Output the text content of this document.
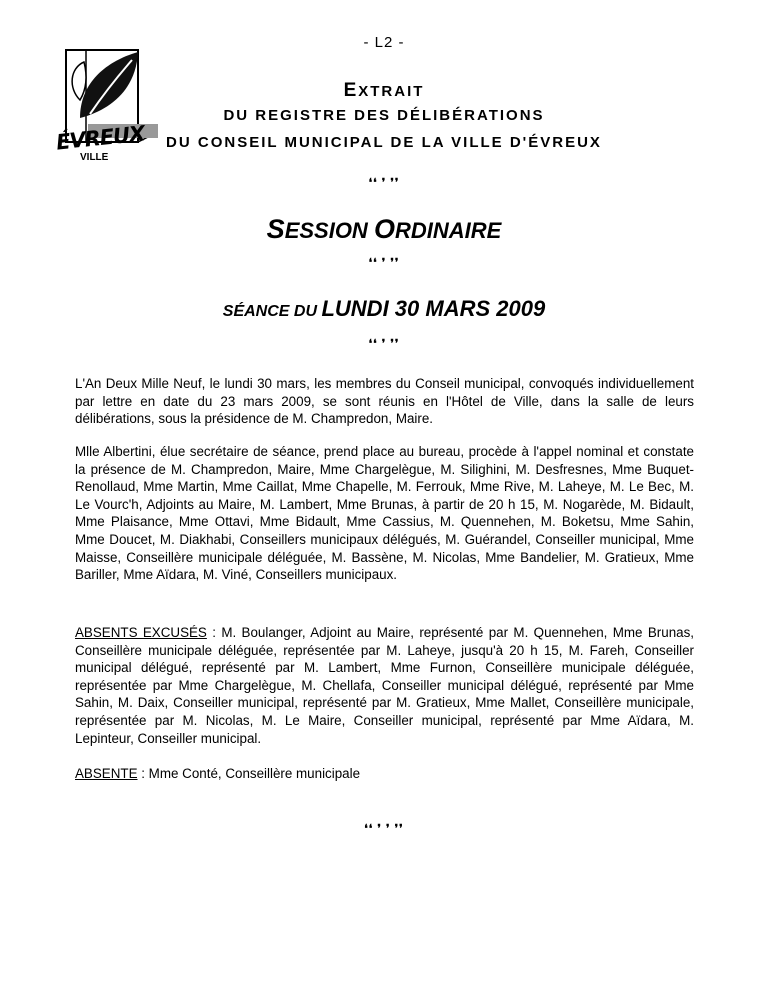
- L2 -
ÉVREUX
VILLE
EXTRAIT
DU REGISTRE DES DÉLIBÉRATIONS
DU CONSEIL MUNICIPAL DE LA VILLE D'ÉVREUX
❛❛ ❜ ❜❜
SESSION ORDINAIRE
❛❛ ❜ ❜❜
SÉANCE DU LUNDI 30 MARS 2009
❛❛ ❜ ❜❜
L'An Deux Mille Neuf, le lundi 30 mars, les membres du Conseil municipal, convoqués individuellement par lettre en date du 23 mars 2009, se sont réunis en l'Hôtel de Ville, dans la salle de leurs délibérations, sous la présidence de M. Champredon, Maire.
Mlle Albertini, élue secrétaire de séance, prend place au bureau, procède à l'appel nominal et constate la présence de M. Champredon, Maire, Mme Chargelègue, M. Silighini, M. Desfresnes, Mme Buquet-Renollaud, Mme Martin, Mme Caillat, Mme Chapelle, M. Ferrouk, Mme Rive, M. Laheye, M. Le Bec, M. Le Vourc'h, Adjoints au Maire, M. Lambert, Mme Brunas, à partir de 20 h 15, M. Nogarède, M. Bidault, Mme Plaisance, Mme Ottavi, Mme Bidault, Mme Cassius, M. Quennehen, M. Boketsu, Mme Sahin, Mme Doucet, M. Diakhabi, Conseillers municipaux délégués, M. Guérandel, Conseiller municipal, Mme Maisse, Conseillère municipale déléguée, M. Bassène, M. Nicolas, Mme Bandelier, M. Gratieux, Mme Bariller, Mme Aïdara, M. Viné, Conseillers municipaux.
ABSENTS EXCUSÉS : M. Boulanger, Adjoint au Maire, représenté par M. Quennehen, Mme Brunas, Conseillère municipale déléguée, représentée par M. Laheye, jusqu'à 20 h 15, M. Fareh, Conseiller municipal délégué, représenté par M. Lambert, Mme Furnon, Conseillère municipale déléguée, représentée par Mme Chargelègue, M. Chellafa, Conseiller municipal délégué, représenté par Mme Sahin, M. Daix, Conseiller municipal, représenté par M. Gratieux, Mme Mallet, Conseillère municipale, représentée par M. Nicolas, M. Le Maire, Conseiller municipal, représenté par Mme Aïdara, M. Lepinteur, Conseiller municipal.
ABSENTE : Mme Conté, Conseillère municipale
❛❛ ❜ ❜ ❜❜
